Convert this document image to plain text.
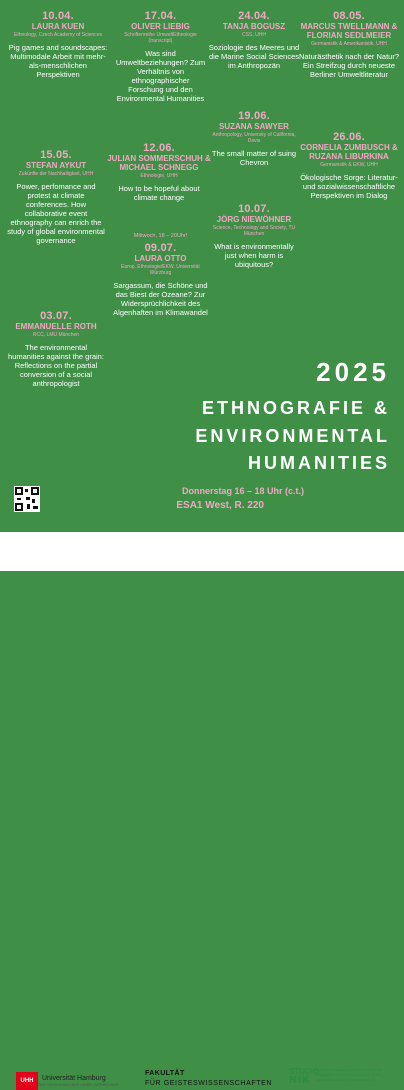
10.04.
LAURA KUEN
Ethnology, Czech Academy of Sciences
Pig games and soundscapes: Multimodale Arbeit mit mehr-als-menschlichen Perspektiven
15.05.
STEFAN AYKUT
Zukünfte der Nachhaltigkeit, UHH
Power, perfomance and protest at climate conferences. How collaborative event ethnography can enrich the study of global environmental governance
03.07.
EMMANUELLE ROTH
RCC, LMU München
The environmental humanities against the grain: Reflections on the partial conversion of a social anthropologist
17.04.
OLIVER LIEBIG
Schriftenreihe UmweltEthnologie (transcript)
Was sind Umweltbeziehungen? Zum Verhältnis von ethnographischer Forschung und den Environmental Humanities
12.06.
JULIAN SOMMERSCHUH & MICHAEL SCHNEGG
Ethnologie, UHH
How to be hopeful about climate change
Mittwoch, 18 – 20Uhr!
09.07.
LAURA OTTO
Europ. Ethnologie/EKW, Universität Würzburg
Sargassum, die Schöne und das Biest der Ozeane? Zur Widersprüchlichkeit des Algenhaften im Klimawandel
24.04.
TANJA BOGUSZ
CSS, UHH
Soziologie des Meeres und die Marine Social Sciences im Anthropozän
19.06.
SUZANA SAWYER
Anthropology, University of California, Davis
The small matter of suing Chevron
10.07.
JÖRG NIEWÖHNER
Science, Technology and Society, TU München
What is environmentally just when harm is ubiquitous?
08.05.
MARCUS TWELLMANN & FLORIAN SEDLMEIER
Germanistik & Amerikanistik, UHH
Naturästhetik nach der Natur? Ein Streifzug durch neueste Berliner Umweltliteratur
26.06.
CORNELIA ZUMBUSCH & RUZANA LIBURKINA
Germanistik & EKW, UHH
Ökologische Sorge: Literatur- und sozialwissenschaftliche Perspektiven im Dialog
2025
ETHNOGRAFIE &
ENVIRONMENTAL
HUMANITIES
Donnerstag 16 – 18 Uhr (c.t.)
ESA1 West, R. 220
UHH	Universität Hamburg
DER FORSCHUNG | DER LEHRE | DER BILDUNG
FAKULTÄT
FÜR GEISTESWISSENSCHAFTEN
STUDIO
NIK
Kontakt: Ruzana Liburkina, Institut für Empirische Kulturwissenschaft, UHH, ruzana.liburkina@uni-hamburg.de
